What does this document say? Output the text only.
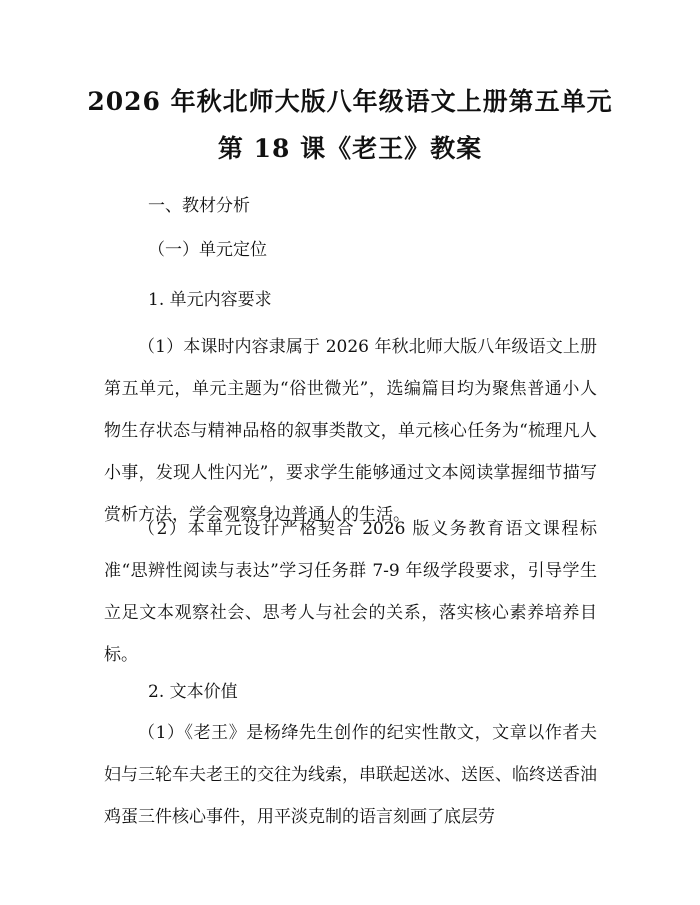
2026 年秋北师大版八年级语文上册第五单元
第 18 课《老王》教案
一、教材分析
（一）单元定位
1. 单元内容要求
（1）本课时内容隶属于 2026 年秋北师大版八年级语文上册第五单元，单元主题为“俗世微光”，选编篇目均为聚焦普通小人物生存状态与精神品格的叙事类散文，单元核心任务为“梳理凡人小事，发现人性闪光”，要求学生能够通过文本阅读掌握细节描写赏析方法，学会观察身边普通人的生活。
（2）本单元设计严格契合 2026 版义务教育语文课程标准“思辨性阅读与表达”学习任务群 7-9 年级学段要求，引导学生立足文本观察社会、思考人与社会的关系，落实核心素养培养目标。
2. 文本价值
（1）《老王》是杨绛先生创作的纪实性散文，文章以作者夫妇与三轮车夫老王的交往为线索，串联起送冰、送医、临终送香油鸡蛋三件核心事件，用平淡克制的语言刻画了底层劳
